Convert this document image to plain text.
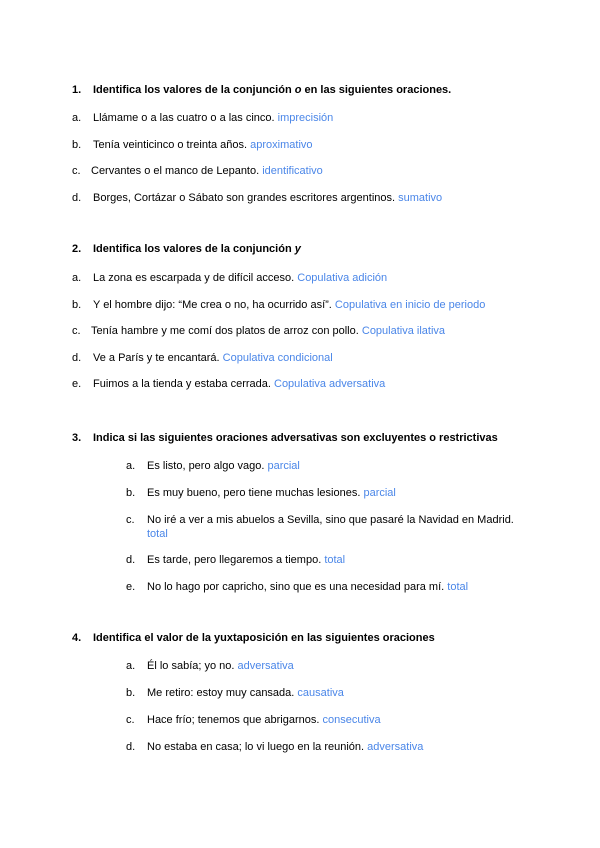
1. Identifica los valores de la conjunción o en las siguientes oraciones.
a. Llámame o a las cuatro o a las cinco. imprecisión
b. Tenía veinticinco o treinta años. aproximativo
c. Cervantes o el manco de Lepanto. identificativo
d. Borges, Cortázar o Sábato son grandes escritores argentinos. sumativo
2. Identifica los valores de la conjunción y
a. La zona es escarpada y de difícil acceso. Copulativa adición
b. Y el hombre dijo: “Me crea o no, ha ocurrido así”. Copulativa en inicio de periodo
c. Tenía hambre y me comí dos platos de arroz con pollo. Copulativa ilativa
d. Ve a París y te encantará. Copulativa condicional
e. Fuimos a la tienda y estaba cerrada. Copulativa adversativa
3. Indica si las siguientes oraciones adversativas son excluyentes o restrictivas
a. Es listo, pero algo vago. parcial
b. Es muy bueno, pero tiene muchas lesiones. parcial
c. No iré a ver a mis abuelos a Sevilla, sino que pasaré la Navidad en Madrid.
total
d. Es tarde, pero llegaremos a tiempo. total
e. No lo hago por capricho, sino que es una necesidad para mí. total
4. Identifica el valor de la yuxtaposición en las siguientes oraciones
a. Él lo sabía; yo no. adversativa
b. Me retiro: estoy muy cansada. causativa
c. Hace frío; tenemos que abrigarnos. consecutiva
d. No estaba en casa; lo vi luego en la reunión. adversativa
